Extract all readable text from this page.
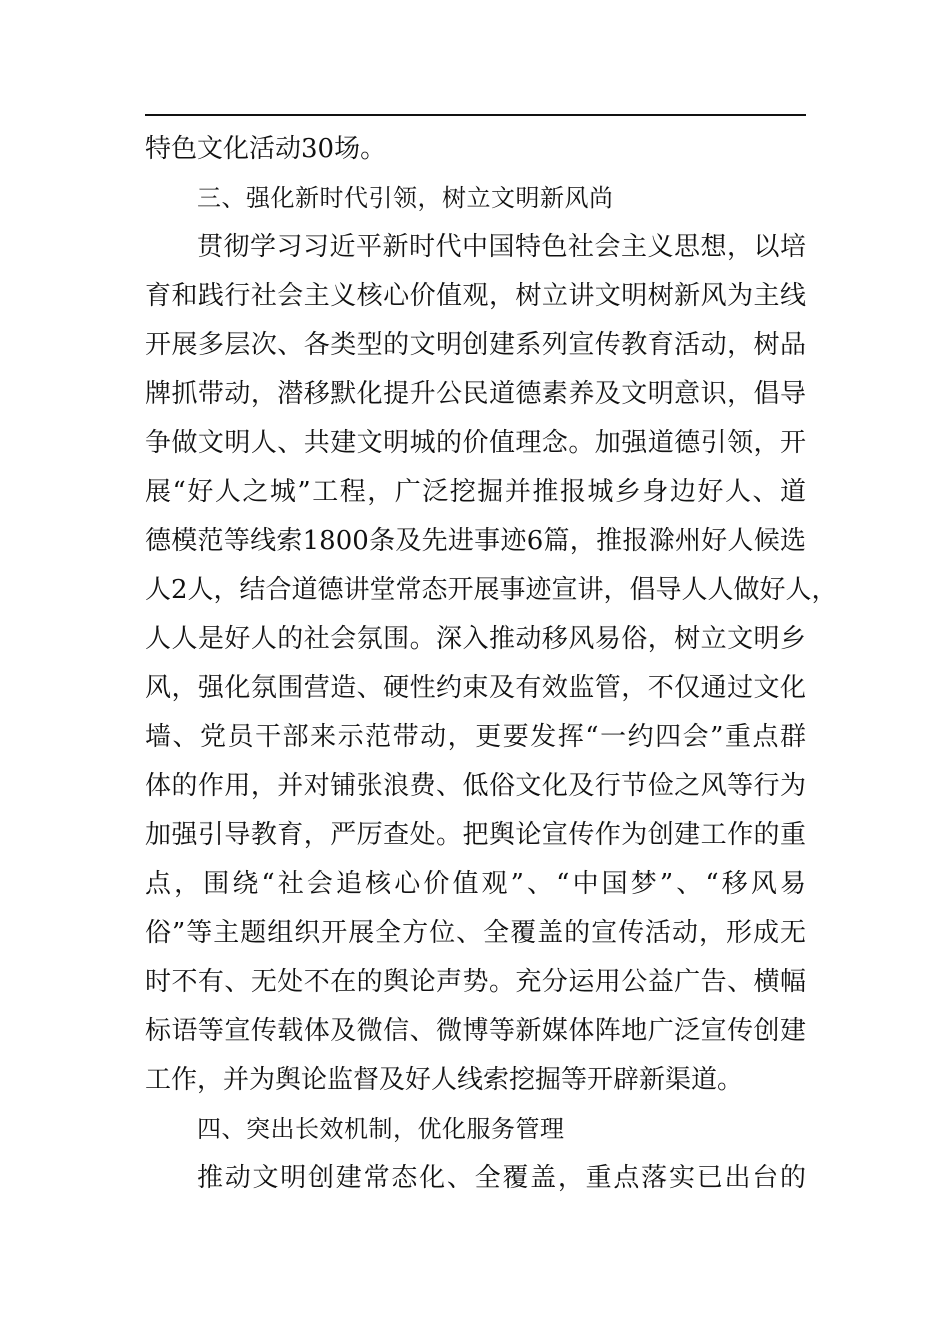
特色文化活动30场。
三、强化新时代引领，树立文明新风尚
贯彻学习习近平新时代中国特色社会主义思想，以培
育和践行社会主义核心价值观，树立讲文明树新风为主线
开展多层次、各类型的文明创建系列宣传教育活动，树品
牌抓带动，潜移默化提升公民道德素养及文明意识，倡导
争做文明人、共建文明城的价值理念。加强道德引领，开
展“好人之城”工程，广泛挖掘并推报城乡身边好人、道
德模范等线索1800条及先进事迹6篇，推报滁州好人候选
人2人，结合道德讲堂常态开展事迹宣讲，倡导人人做好人，
人人是好人的社会氛围。深入推动移风易俗，树立文明乡
风，强化氛围营造、硬性约束及有效监管，不仅通过文化
墙、党员干部来示范带动，更要发挥“一约四会”重点群
体的作用，并对铺张浪费、低俗文化及行节俭之风等行为
加强引导教育，严厉查处。把舆论宣传作为创建工作的重
点，围绕“社会追核心价值观”、“中国梦”、“移风易
俗”等主题组织开展全方位、全覆盖的宣传活动，形成无
时不有、无处不在的舆论声势。充分运用公益广告、横幅
标语等宣传载体及微信、微博等新媒体阵地广泛宣传创建
工作，并为舆论监督及好人线索挖掘等开辟新渠道。
四、突出长效机制，优化服务管理
推动文明创建常态化、全覆盖，重点落实已出台的
